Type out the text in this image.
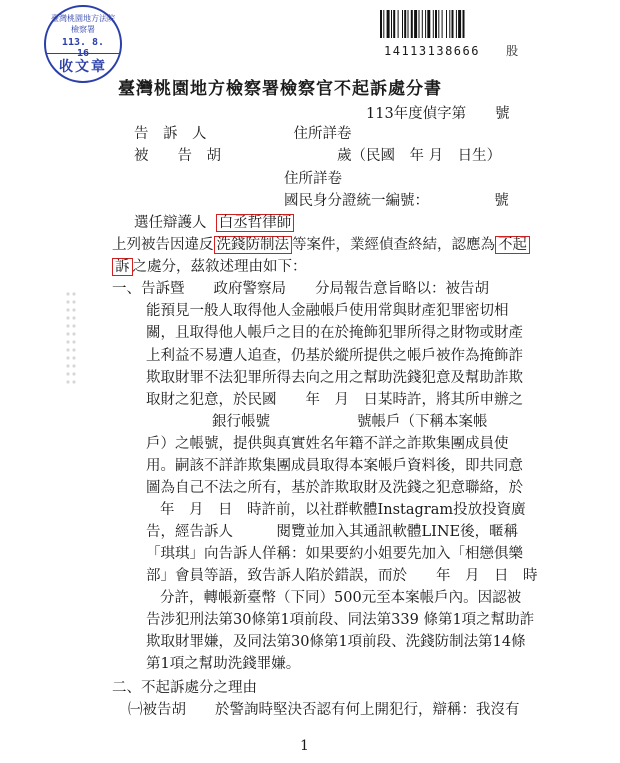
臺灣桃園地方法院檢察署
113. 8. 16
收文章
14113138666 股
臺灣桃園地方檢察署檢察官不起訴處分書
113年度偵字第　　號
告　訴　人　　　　　　住所詳卷
被　　告　胡　　　　　　　　歲（民國　年 月　日生）
住所詳卷
國民身分證統一編號：　　　　　號
選任辯護人 白丞哲律師
上列被告因違反 洗錢防制法 等案件，業經偵查終結，認應為 不起
訴 之處分，茲敘述理由如下：
一、告訴暨　　政府警察局　　分局報告意旨略以：被告胡
能預見一般人取得他人金融帳戶使用常與財產犯罪密切相
關，且取得他人帳戶之目的在於掩飾犯罪所得之財物或財產
上利益不易遭人追查，仍基於縱所提供之帳戶被作為掩飾詐
欺取財罪不法犯罪所得去向之用之幫助洗錢犯意及幫助詐欺
取財之犯意，於民國　　年　月　日某時許，將其所申辦之
銀行帳號　　　　　　號帳戶（下稱本案帳
戶）之帳號，提供與真實姓名年籍不詳之詐欺集團成員使
用。嗣該不詳詐欺集團成員取得本案帳戶資料後，即共同意
圖為自己不法之所有，基於詐欺取財及洗錢之犯意聯絡，於
年　月　日　時許前，以社群軟體Instagram投放投資廣
告，經告訴人　　　閱覽並加入其通訊軟體LINE後，暱稱
「琪琪」向告訴人佯稱：如果要約小姐要先加入「相戀俱樂
部」會員等語，致告訴人陷於錯誤，而於　　年　月　日　時
分許，轉帳新臺幣（下同）500元至本案帳戶內。因認被
告涉犯刑法第30條第1項前段、同法第339 條第1項之幫助詐
欺取財罪嫌，及同法第30條第1項前段、洗錢防制法第14條
第1項之幫助洗錢罪嫌。
二、不起訴處分之理由
㈠被告胡　　於警詢時堅決否認有何上開犯行，辯稱：我沒有
1
